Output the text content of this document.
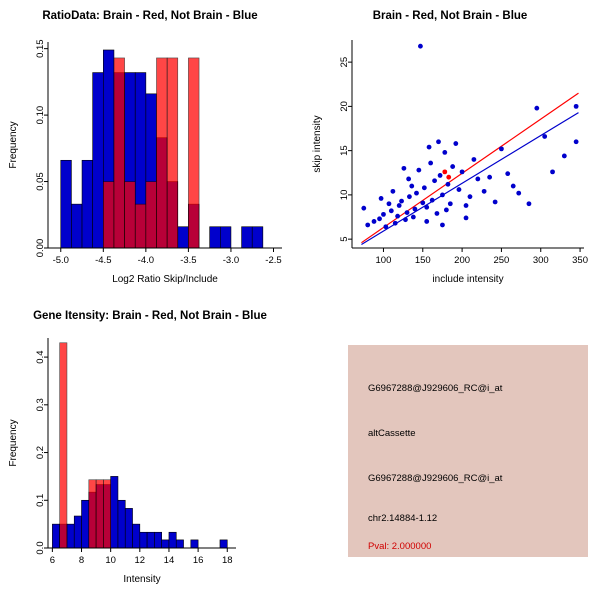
RatioData: Brain - Red, Not Brain - Blue
-5.0	-4.5	-4.0	-3.5	-3.0	-2.5
0.00
0.05
0.10
0.15
Log2 Ratio Skip/Include
Frequency
Brain - Red, Not Brain - Blue
100 150 200 250 300 350
5
10
15
20
25
include intensity
skip intensity
Gene Itensity: Brain - Red, Not Brain - Blue
6	8 10 12 14 16 18
0.0
0.1
0.2
0.3
0.4
Intensity
Frequency
G6967288@J929606_RC@i_at
altCassette
G6967288@J929606_RC@i_at
chr2.14884-1.12
Pval: 2.000000
